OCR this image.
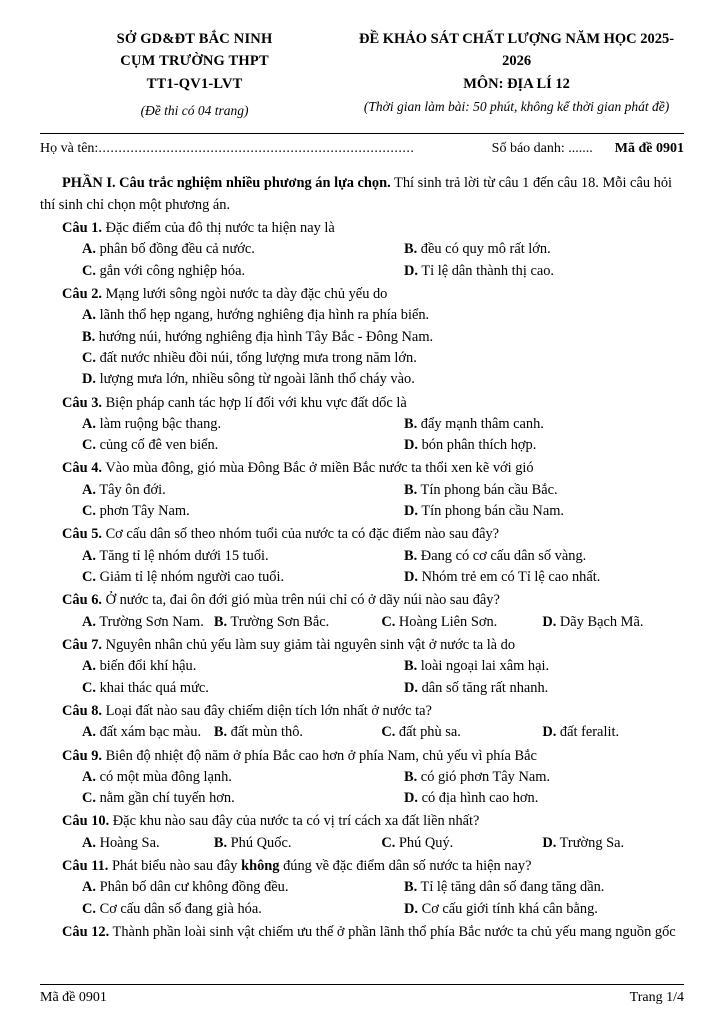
SỞ GD&ĐT BẮC NINH
CỤM TRƯỜNG THPT
TT1-QV1-LVT
(Đề thi có 04 trang)
ĐỀ KHẢO SÁT CHẤT LƯỢNG NĂM HỌC 2025-2026
MÔN: ĐỊA LÍ 12
(Thời gian làm bài: 50 phút, không kể thời gian phát đề)
Họ và tên: ...............................................................................	Số báo danh: .......	Mã đề 0901
PHẦN I. Câu trắc nghiệm nhiều phương án lựa chọn. Thí sinh trả lời từ câu 1 đến câu 18. Mỗi câu hỏi thí sinh chỉ chọn một phương án.
Câu 1. Đặc điểm của đô thị nước ta hiện nay là
A. phân bố đồng đều cả nước.	B. đều có quy mô rất lớn.
C. gắn với công nghiệp hóa.	D. Tỉ lệ dân thành thị cao.
Câu 2. Mạng lưới sông ngòi nước ta dày đặc chủ yếu do
A. lãnh thổ hẹp ngang, hướng nghiêng địa hình ra phía biển.
B. hướng núi, hướng nghiêng địa hình Tây Bắc - Đông Nam.
C. đất nước nhiều đồi núi, tổng lượng mưa trong năm lớn.
D. lượng mưa lớn, nhiều sông từ ngoài lãnh thổ cháy vào.
Câu 3. Biện pháp canh tác hợp lí đối với khu vực đất dốc là
A. làm ruộng bậc thang.	B. đẩy mạnh thâm canh.
C. củng cố đê ven biển.	D. bón phân thích hợp.
Câu 4. Vào mùa đông, gió mùa Đông Bắc ở miền Bắc nước ta thổi xen kẽ với gió
A. Tây ôn đới.	B. Tín phong bán cầu Bắc.
C. phơn Tây Nam.	D. Tín phong bán cầu Nam.
Câu 5. Cơ cấu dân số theo nhóm tuổi của nước ta có đặc điểm nào sau đây?
A. Tăng tỉ lệ nhóm dưới 15 tuổi.	B. Đang có cơ cấu dân số vàng.
C. Giảm tỉ lệ nhóm người cao tuổi.	D. Nhóm trẻ em có Tỉ lệ cao nhất.
Câu 6. Ở nước ta, đai ôn đới gió mùa trên núi chỉ có ở dãy núi nào sau đây?
A. Trường Sơn Nam. B. Trường Sơn Bắc.	C. Hoàng Liên Sơn.	D. Dãy Bạch Mã.
Câu 7. Nguyên nhân chủ yếu làm suy giảm tài nguyên sinh vật ở nước ta là do
A. biến đổi khí hậu.	B. loài ngoại lai xâm hại.
C. khai thác quá mức.	D. dân số tăng rất nhanh.
Câu 8. Loại đất nào sau đây chiếm diện tích lớn nhất ở nước ta?
A. đất xám bạc màu. B. đất mùn thô.	C. đất phù sa.	D. đất feralit.
Câu 9. Biên độ nhiệt độ năm ở phía Bắc cao hơn ở phía Nam, chủ yếu vì phía Bắc
A. có một mùa đông lạnh.	B. có gió phơn Tây Nam.
C. nằm gần chí tuyến hơn.	D. có địa hình cao hơn.
Câu 10. Đặc khu nào sau đây của nước ta có vị trí cách xa đất liền nhất?
A. Hoàng Sa.	B. Phú Quốc.	C. Phú Quý.	D. Trường Sa.
Câu 11. Phát biểu nào sau đây không đúng về đặc điểm dân số nước ta hiện nay?
A. Phân bố dân cư không đồng đều.	B. Tỉ lệ tăng dân số đang tăng dần.
C. Cơ cấu dân số đang già hóa.	D. Cơ cấu giới tính khá cân bằng.
Câu 12. Thành phần loài sinh vật chiếm ưu thế ở phần lãnh thổ phía Bắc nước ta chủ yếu mang nguồn gốc
Mã đề 0901	Trang 1/4
